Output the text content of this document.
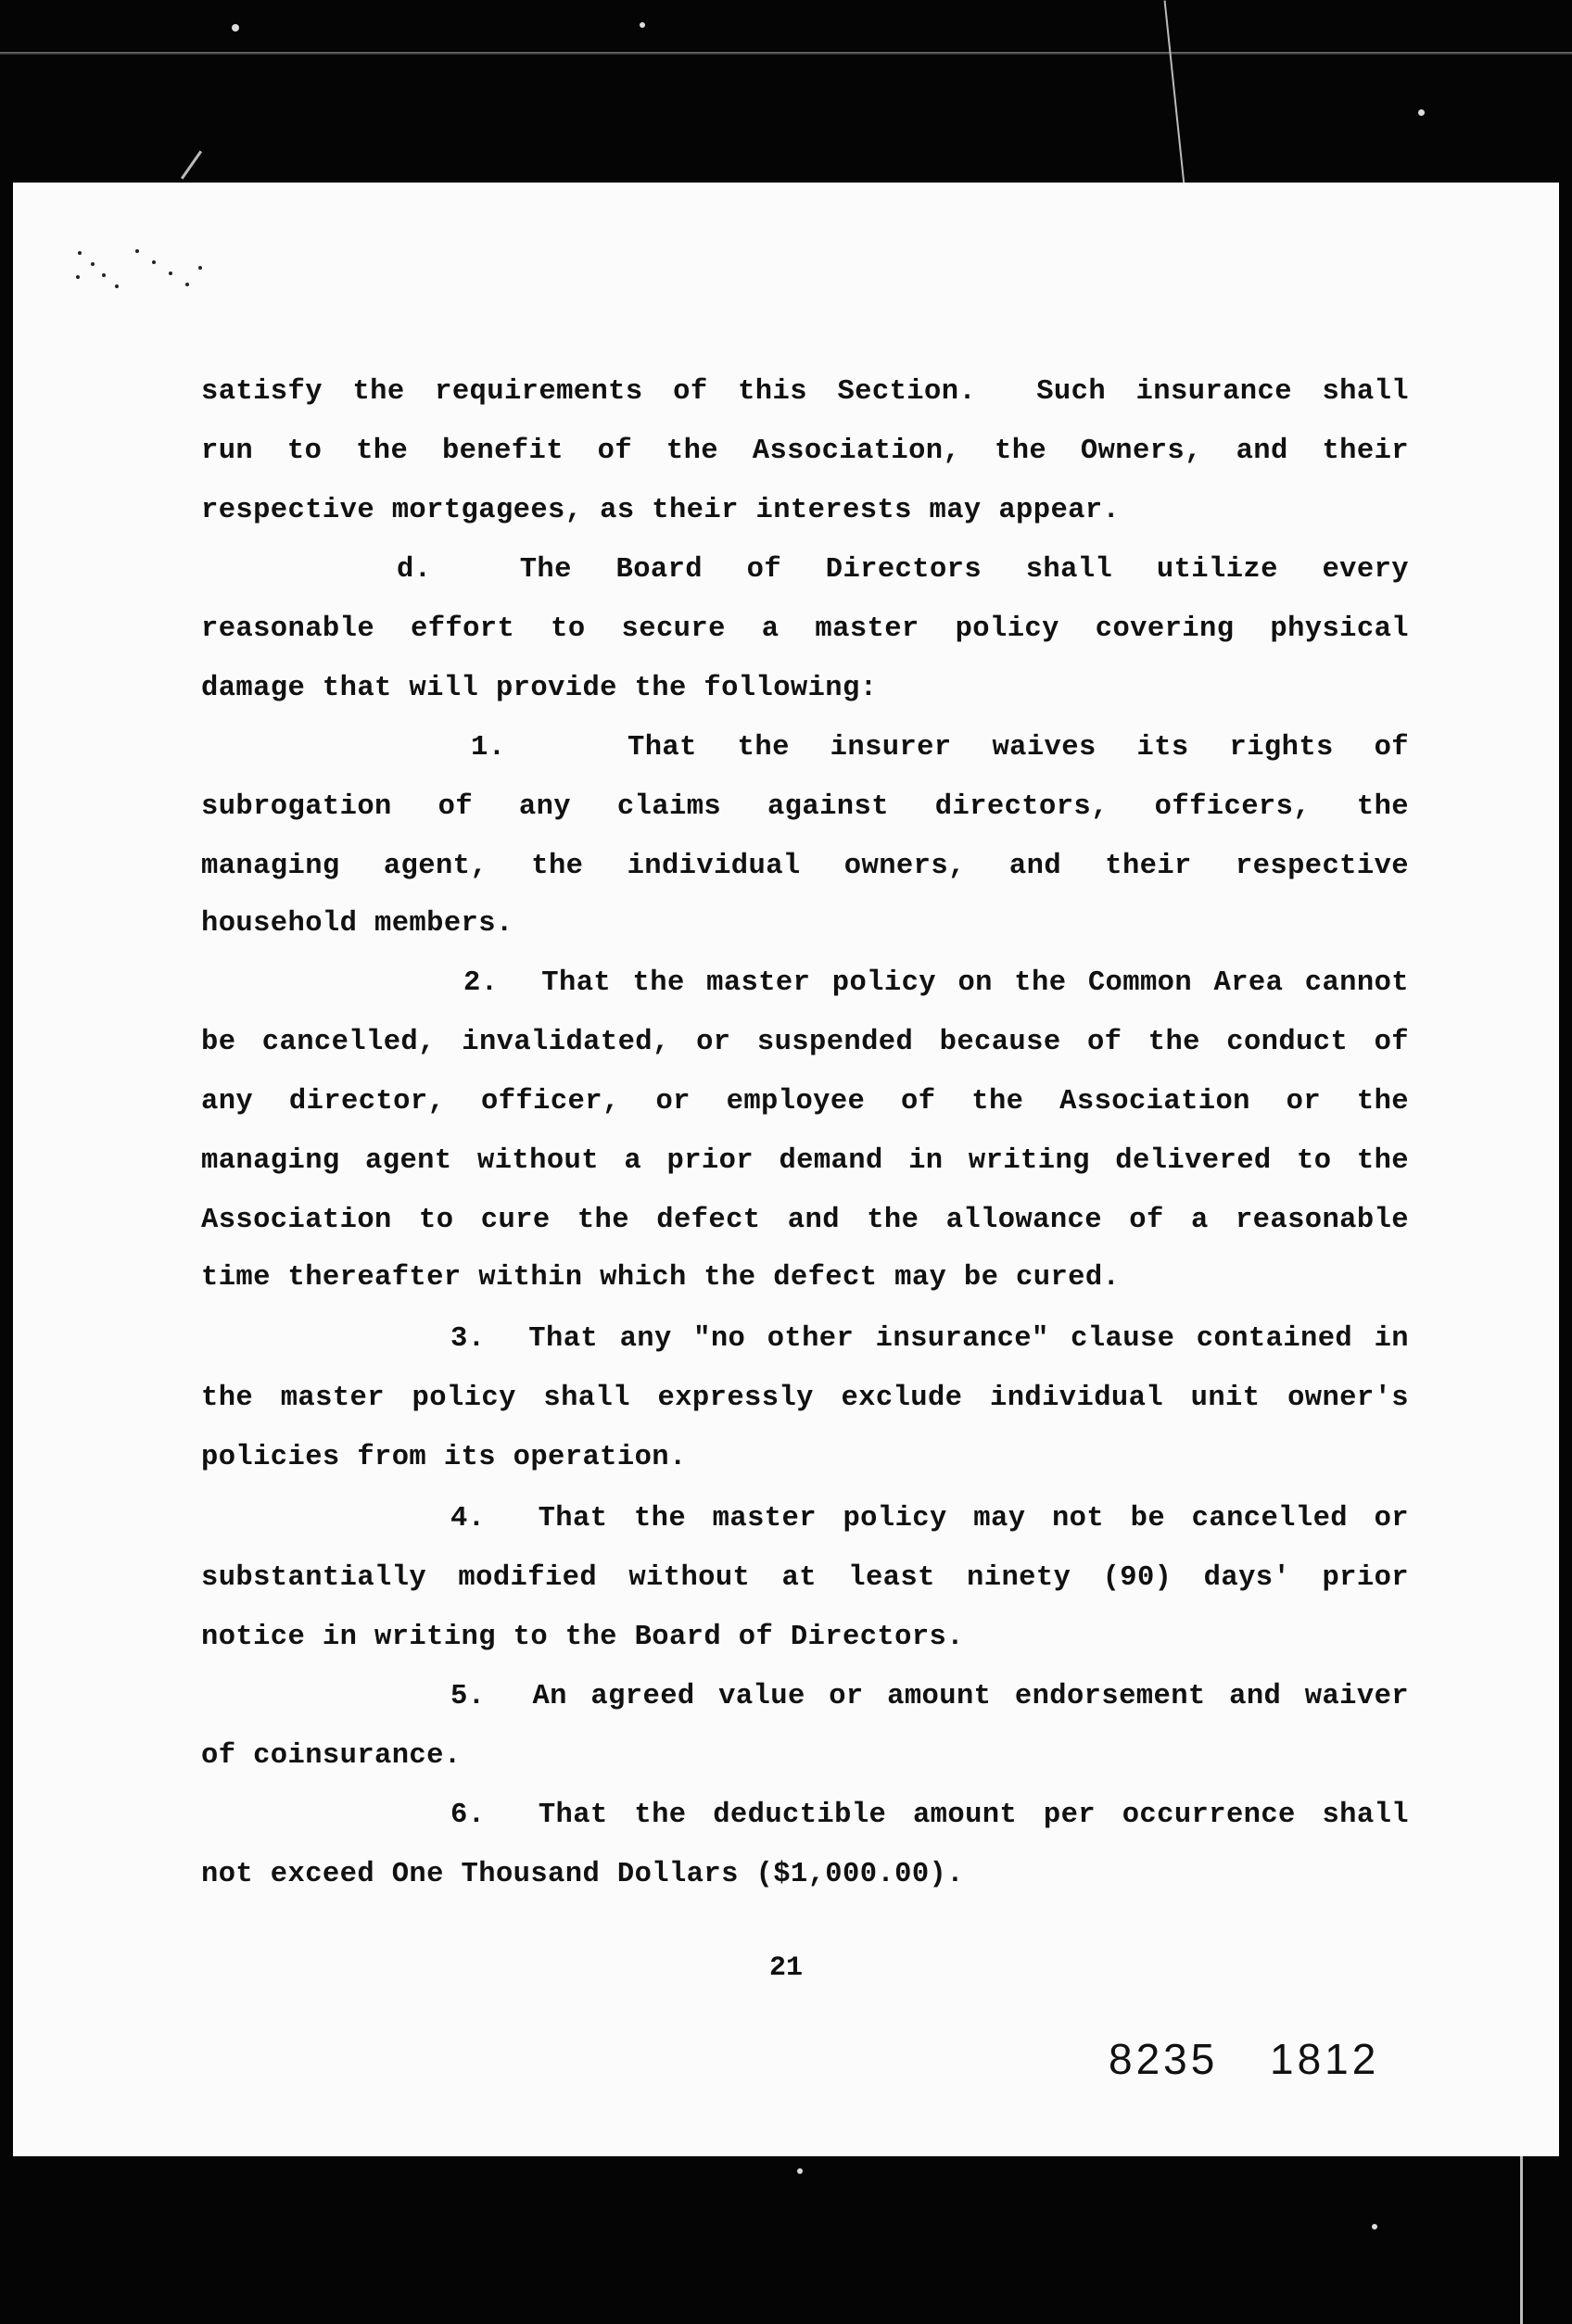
satisfy the requirements of this Section.  Such insurance shall
run to the benefit of the Association, the Owners, and their
respective mortgagees, as their interests may appear.
d.  The Board of Directors shall utilize every
reasonable effort to secure a master policy covering physical
damage that will provide the following:
1.   That the insurer waives its rights of
subrogation of any claims against directors, officers, the
managing agent, the individual owners, and their respective
household members.
2.  That the master policy on the Common Area cannot
be cancelled, invalidated, or suspended because of the conduct of
any director, officer, or employee of the Association or the
managing agent without a prior demand in writing delivered to the
Association to cure the defect and the allowance of a reasonable
time thereafter within which the defect may be cured.
3.  That any "no other insurance" clause contained in
the master policy shall expressly exclude individual unit owner's
policies from its operation.
4.  That the master policy may not be cancelled or
substantially modified without at least ninety (90) days' prior
notice in writing to the Board of Directors.
5.  An agreed value or amount endorsement and waiver
of coinsurance.
6.  That the deductible amount per occurrence shall
not exceed One Thousand Dollars ($1,000.00).
21
8235 1812
